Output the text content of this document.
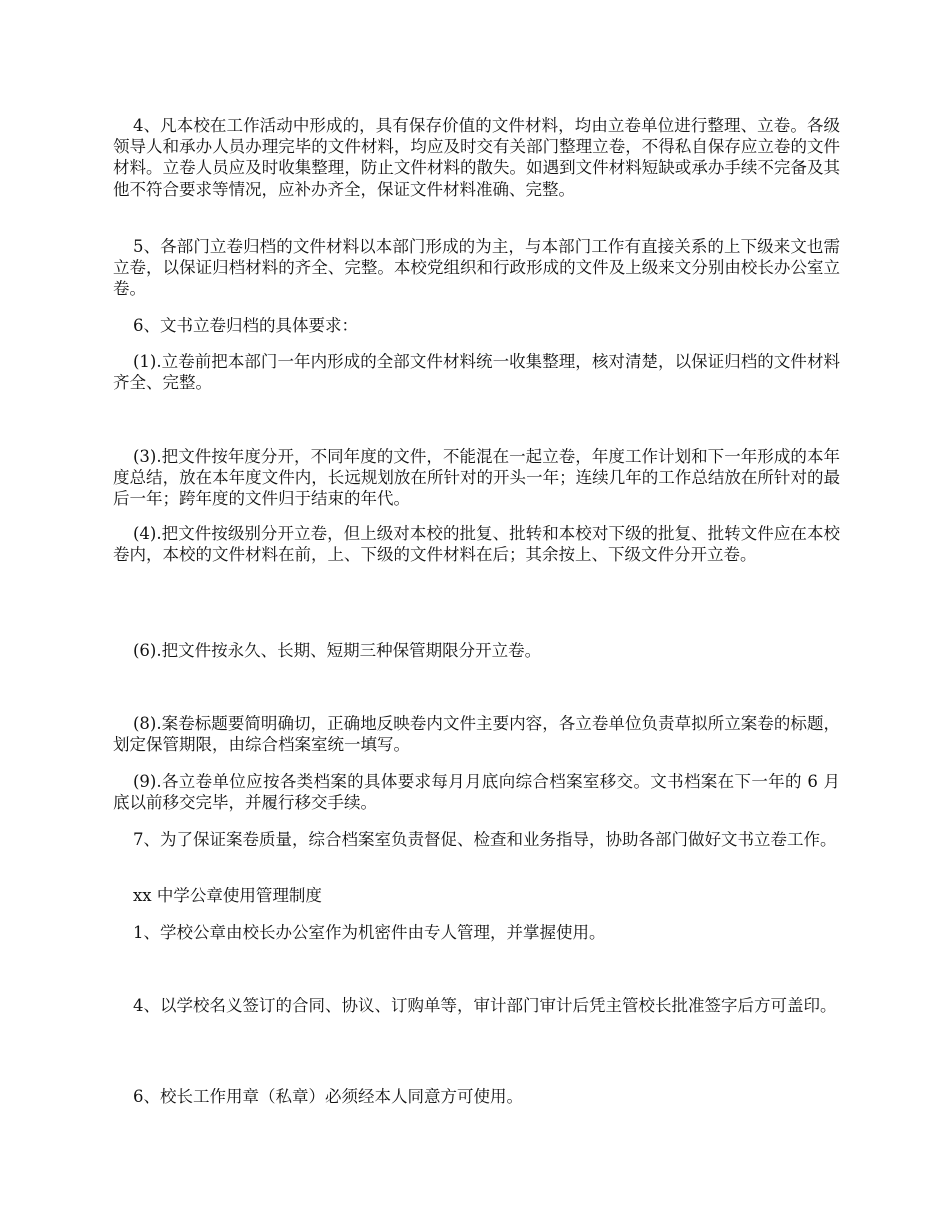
4、凡本校在工作活动中形成的，具有保存价值的文件材料，均由立卷单位进行整理、立卷。各级领导人和承办人员办理完毕的文件材料，均应及时交有关部门整理立卷，不得私自保存应立卷的文件材料。立卷人员应及时收集整理，防止文件材料的散失。如遇到文件材料短缺或承办手续不完备及其他不符合要求等情况，应补办齐全，保证文件材料准确、完整。

5、各部门立卷归档的文件材料以本部门形成的为主，与本部门工作有直接关系的上下级来文也需立卷，以保证归档材料的齐全、完整。本校党组织和行政形成的文件及上级来文分别由校长办公室立卷。

6、文书立卷归档的具体要求：

(1).立卷前把本部门一年内形成的全部文件材料统一收集整理，核对清楚，以保证归档的文件材料齐全、完整。

(3).把文件按年度分开，不同年度的文件，不能混在一起立卷，年度工作计划和下一年形成的本年度总结，放在本年度文件内，长远规划放在所针对的开头一年；连续几年的工作总结放在所针对的最后一年；跨年度的文件归于结束的年代。

(4).把文件按级别分开立卷，但上级对本校的批复、批转和本校对下级的批复、批转文件应在本校卷内，本校的文件材料在前，上、下级的文件材料在后；其余按上、下级文件分开立卷。

(6).把文件按永久、长期、短期三种保管期限分开立卷。

(8).案卷标题要简明确切，正确地反映卷内文件主要内容，各立卷单位负责草拟所立案卷的标题，划定保管期限，由综合档案室统一填写。

(9).各立卷单位应按各类档案的具体要求每月月底向综合档案室移交。文书档案在下一年的 6 月底以前移交完毕，并履行移交手续。

7、为了保证案卷质量，综合档案室负责督促、检查和业务指导，协助各部门做好文书立卷工作。

xx 中学公章使用管理制度

1、学校公章由校长办公室作为机密件由专人管理，并掌握使用。

4、以学校名义签订的合同、协议、订购单等，审计部门审计后凭主管校长批准签字后方可盖印。

6、校长工作用章（私章）必须经本人同意方可使用。
